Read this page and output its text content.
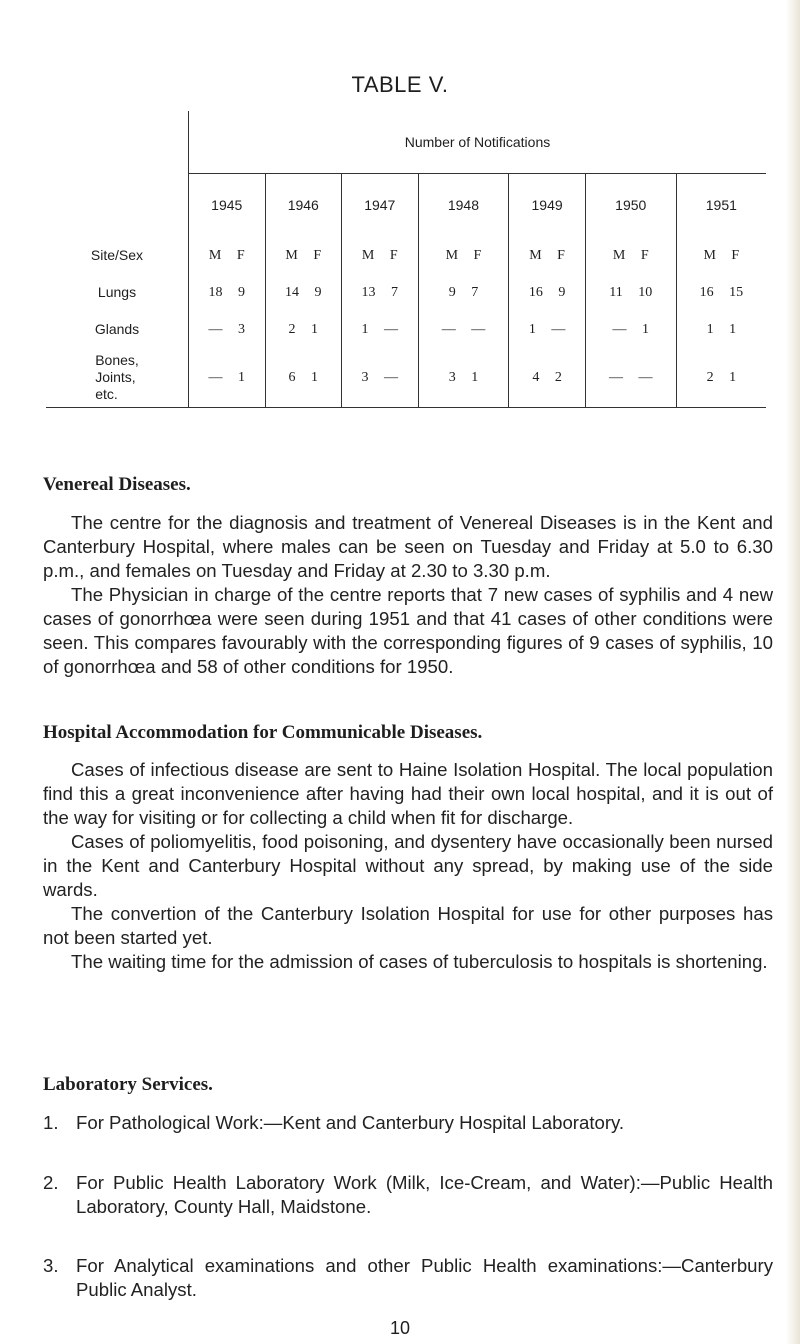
TABLE V.
	Number of Notifications						
	1945	1946	1947	1948	1949	1950	1951
Site/Sex	M F	M F	M F	M F	M F	M F	M F
Lungs	18 9	14 9	13 7	9 7	16 9	11 10	16 15
Glands	— 3	2 1	1 —	— —	1 —	— 1	1 1
Bones,
Joints,
etc.	— 1	6 1	3 —	3 1	4 2	— —	2 1
Venereal Diseases.

The centre for the diagnosis and treatment of Venereal Diseases is in the Kent and Canterbury Hospital, where males can be seen on Tuesday and Friday at 5.0 to 6.30 p.m., and females on Tuesday and Friday at 2.30 to 3.30 p.m.

The Physician in charge of the centre reports that 7 new cases of syphilis and 4 new cases of gonorrhœa were seen during 1951 and that 41 cases of other conditions were seen. This compares favourably with the corresponding figures of 9 cases of syphilis, 10 of gonorrhœa and 58 of other conditions for 1950.

Hospital Accommodation for Communicable Diseases.

Cases of infectious disease are sent to Haine Isolation Hospital. The local population find this a great inconvenience after having had their own local hospital, and it is out of the way for visiting or for collecting a child when fit for discharge.

Cases of poliomyelitis, food poisoning, and dysentery have occasionally been nursed in the Kent and Canterbury Hospital without any spread, by making use of the side wards.

The convertion of the Canterbury Isolation Hospital for use for other purposes has not been started yet.

The waiting time for the admission of cases of tuberculosis to hospitals is shortening.

Laboratory Services.
1. For Pathological Work:—Kent and Canterbury Hospital Laboratory.
2. For Public Health Laboratory Work (Milk, Ice-Cream, and Water):—Public Health Laboratory, County Hall, Maidstone.
3. For Analytical examinations and other Public Health examinations:—Canterbury Public Analyst.
10
